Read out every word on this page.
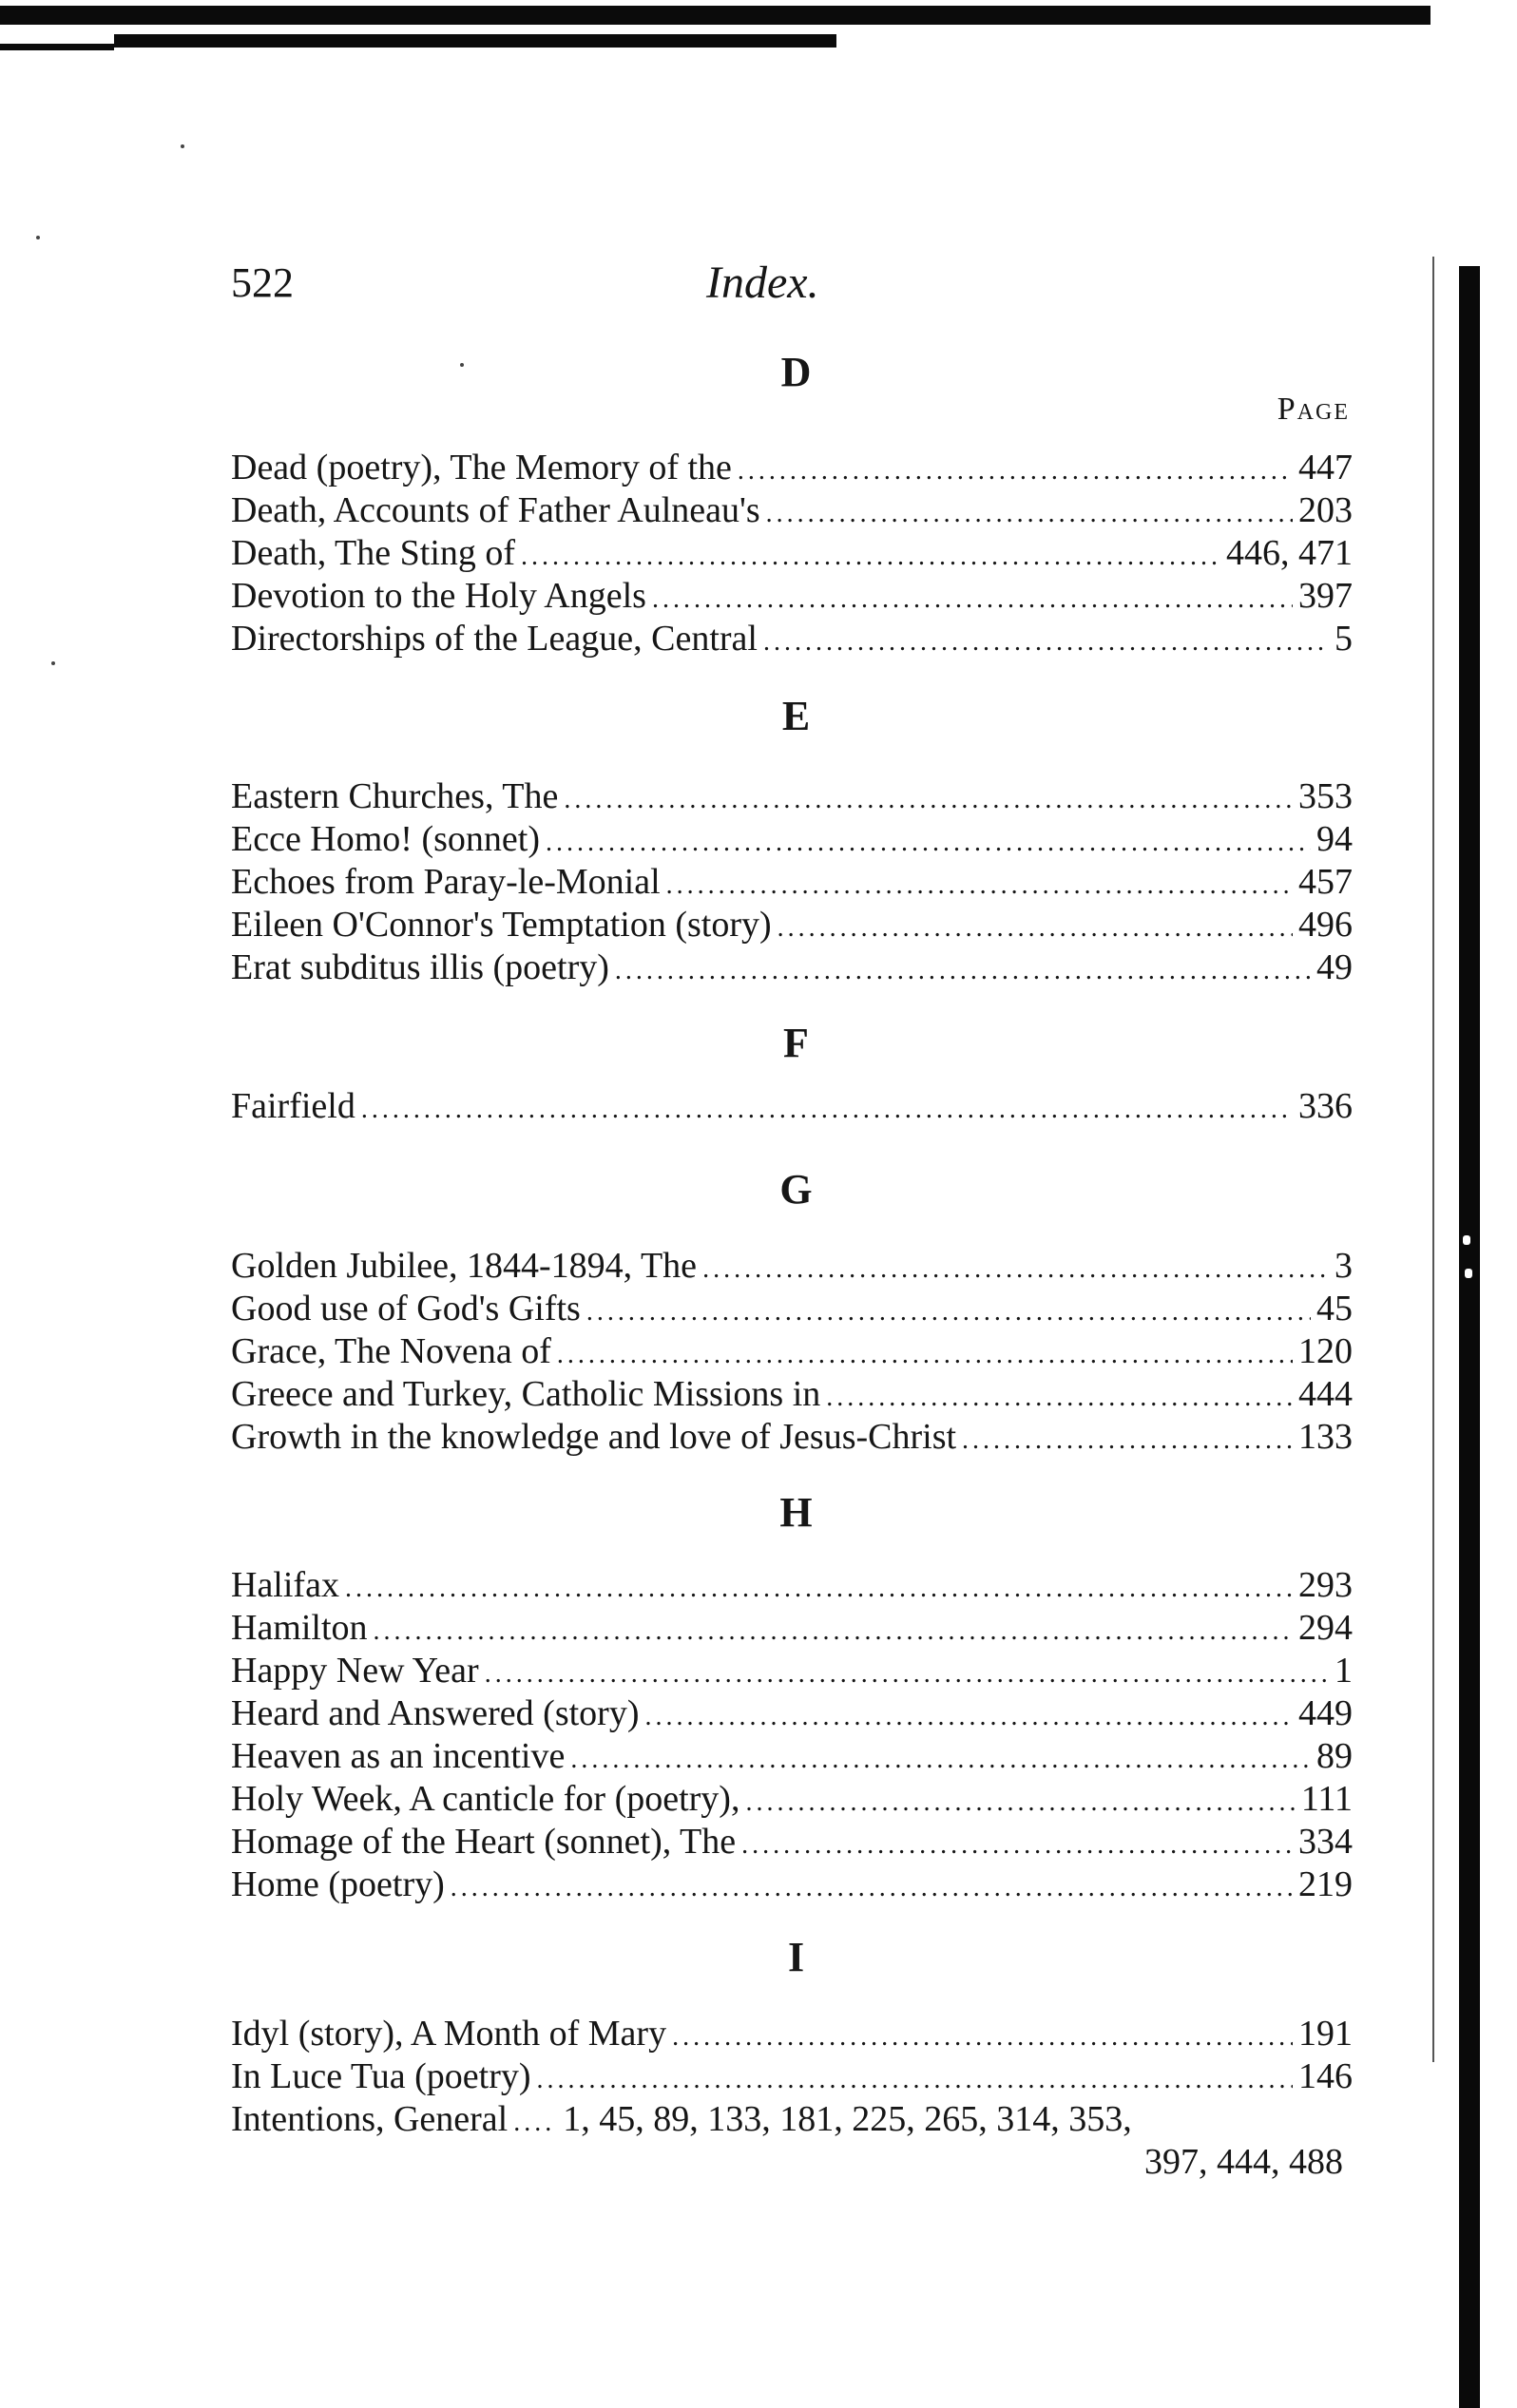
522	Index.
D
Page
Dead (poetry), The Memory of the .....	447
Death, Accounts of Father Aulneau's .....	203
Death, The Sting of .....	446, 471
Devotion to the Holy Angels .....	397
Directorships of the League, Central .....	5
E
Eastern Churches, The .....	353
Ecce Homo! (sonnet) .....	94
Echoes from Paray-le-Monial .....	457
Eileen O'Connor's Temptation (story) .....	496
Erat subditus illis (poetry) .....	49
F
Fairfield .....	336
G
Golden Jubilee, 1844-1894, The .....	3
Good use of God's Gifts .....	45
Grace, The Novena of .....	120
Greece and Turkey, Catholic Missions in .....	444
Growth in the knowledge and love of Jesus-Christ .....	133
H
Halifax .....	293
Hamilton .....	294
Happy New Year .....	1
Heard and Answered (story) .....	449
Heaven as an incentive .....	89
Holy Week, A canticle for (poetry), .....	111
Homage of the Heart (sonnet), The .....	334
Home (poetry) .....	219
I
Idyl (story), A Month of Mary .....	191
In Luce Tua (poetry) .....	146
Intentions, General ..... 1, 45, 89, 133, 181, 225, 265, 314, 353,
397, 444, 488
